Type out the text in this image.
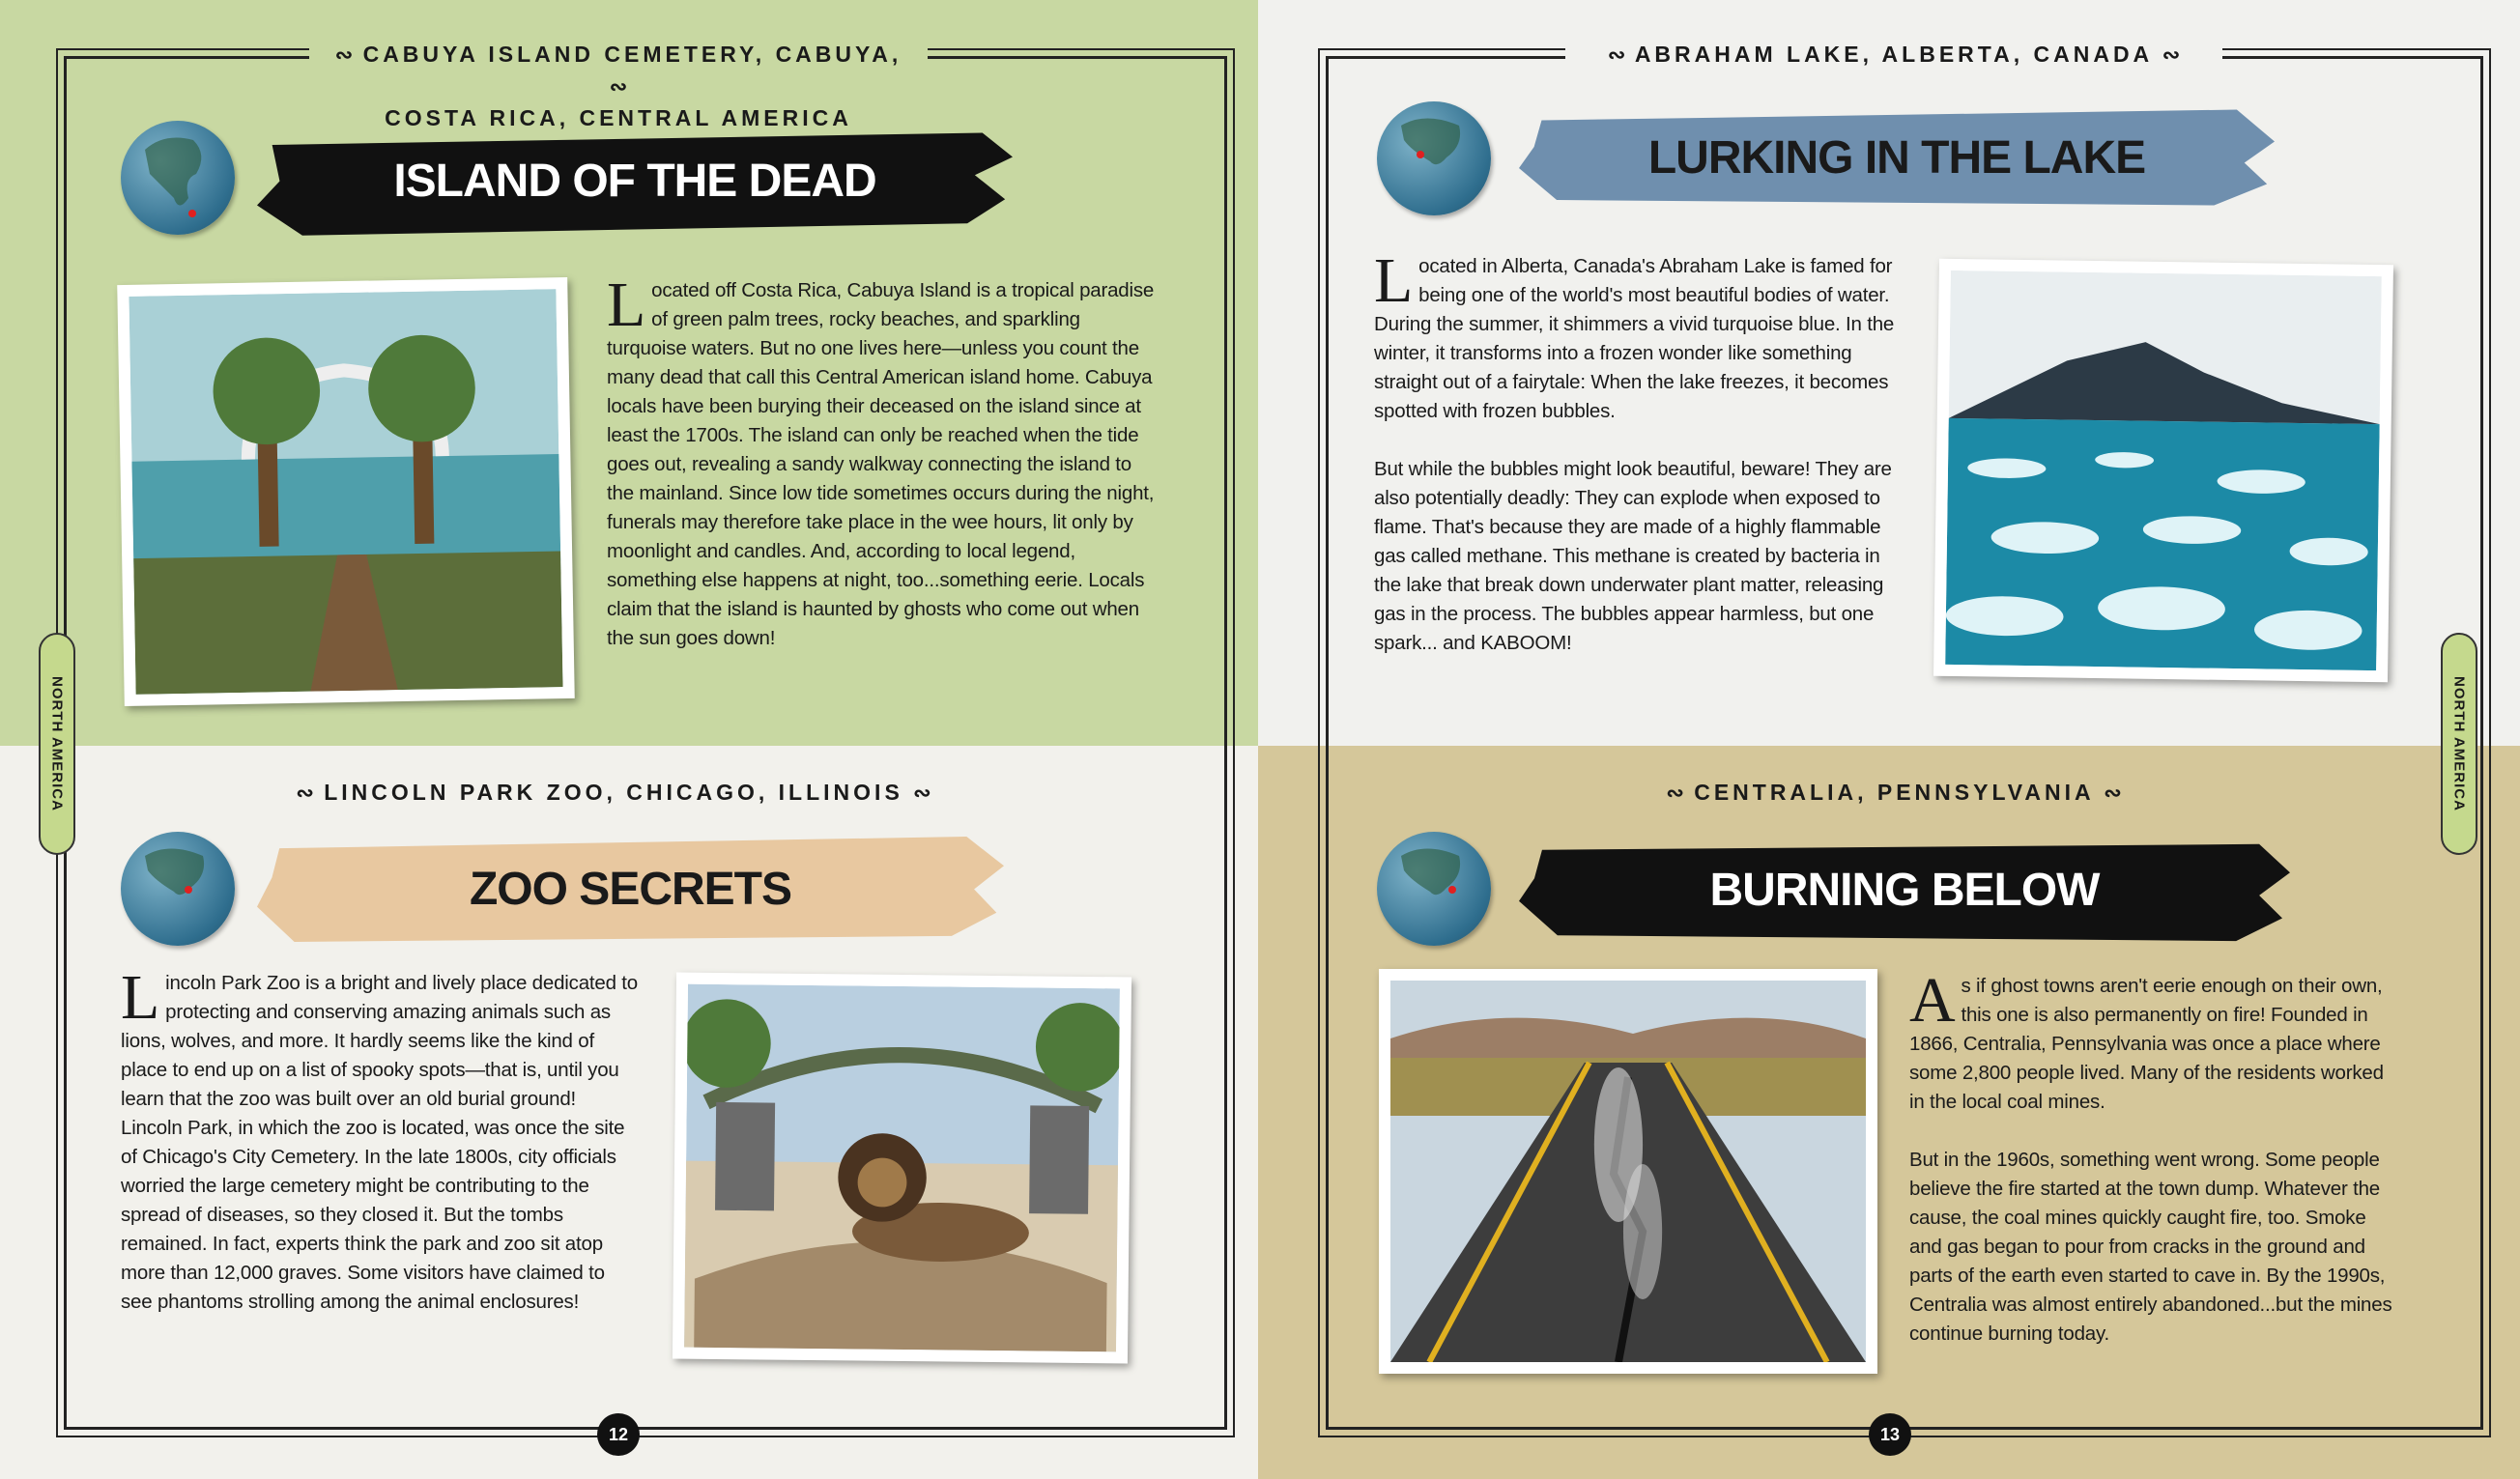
NORTH AMERICA	NORTH AMERICA
∾ CABUYA ISLAND CEMETERY, CABUYA, ∾
COSTA RICA, CENTRAL AMERICA
ISLAND OF THE DEAD
L ocated off Costa Rica, Cabuya Island is a tropical paradise of green palm trees, rocky beaches, and sparkling turquoise waters. But no one lives here—unless you count the many dead that call this Central American island home. Cabuya locals have been burying their deceased on the island since at least the 1700s. The island can only be reached when the tide goes out, revealing a sandy walkway connecting the island to the mainland. Since low tide sometimes occurs during the night, funerals may therefore take place in the wee hours, lit only by moonlight and candles. And, according to local legend, something else happens at night, too...something eerie. Locals claim that the island is haunted by ghosts who come out when the sun goes down!

∾ ABRAHAM LAKE, ALBERTA, CANADA ∾
LURKING IN THE LAKE
L ocated in Alberta, Canada's Abraham Lake is famed for being one of the world's most beautiful bodies of water. During the summer, it shimmers a vivid turquoise blue. In the winter, it transforms into a frozen wonder like something straight out of a fairytale: When the lake freezes, it becomes spotted with frozen bubbles.

But while the bubbles might look beautiful, beware! They are also potentially deadly: They can explode when exposed to flame. That's because they are made of a highly flammable gas called methane. This methane is created by bacteria in the lake that break down underwater plant matter, releasing gas in the process. The bubbles appear harmless, but one spark... and KABOOM!

∾ LINCOLN PARK ZOO, CHICAGO, ILLINOIS ∾
ZOO SECRETS
L incoln Park Zoo is a bright and lively place dedicated to protecting and conserving amazing animals such as lions, wolves, and more. It hardly seems like the kind of place to end up on a list of spooky spots—that is, until you learn that the zoo was built over an old burial ground! Lincoln Park, in which the zoo is located, was once the site of Chicago's City Cemetery. In the late 1800s, city officials worried the large cemetery might be contributing to the spread of diseases, so they closed it. But the tombs remained. In fact, experts think the park and zoo sit atop more than 12,000 graves. Some visitors have claimed to see phantoms strolling among the animal enclosures!

∾ CENTRALIA, PENNSYLVANIA ∾
BURNING BELOW
A s if ghost towns aren't eerie enough on their own, this one is also permanently on fire! Founded in 1866, Centralia, Pennsylvania was once a place where some 2,800 people lived. Many of the residents worked in the local coal mines.

But in the 1960s, something went wrong. Some people believe the fire started at the town dump. Whatever the cause, the coal mines quickly caught fire, too. Smoke and gas began to pour from cracks in the ground and parts of the earth even started to cave in. By the 1990s, Centralia was almost entirely abandoned...but the mines continue burning today.

12	13
